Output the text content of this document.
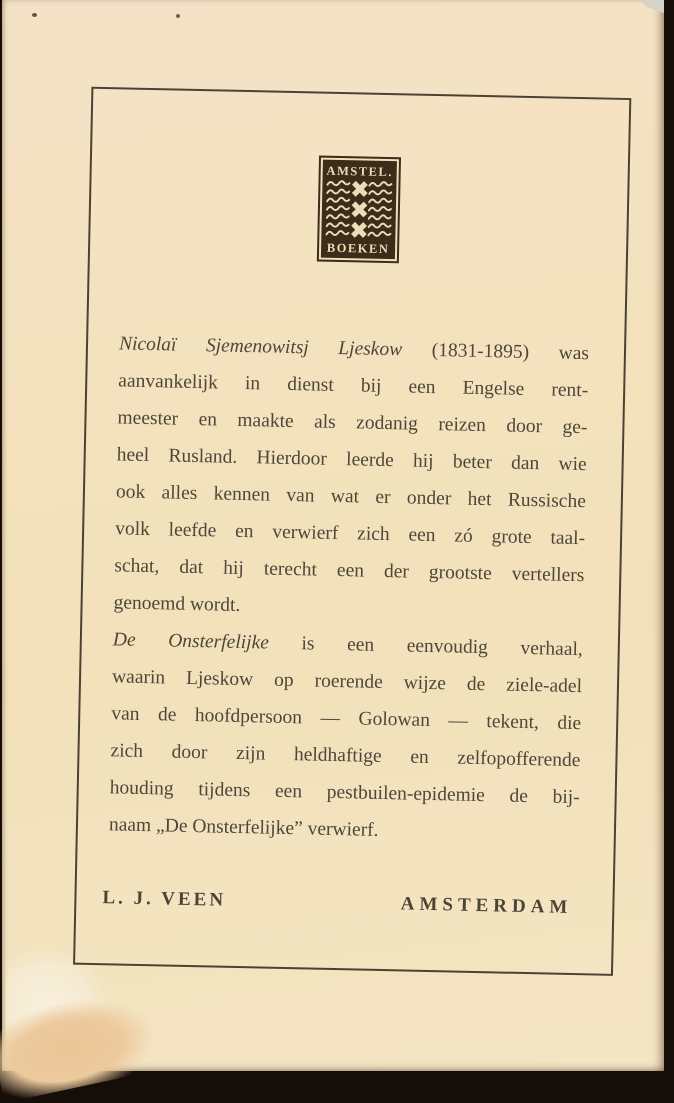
AMSTEL.
BOEKEN
Nicolaï Sjemenowitsj Ljeskow (1831-1895) was
aanvankelijk in dienst bij een Engelse rent-
meester en maakte als zodanig reizen door ge-
heel Rusland. Hierdoor leerde hij beter dan wie
ook alles kennen van wat er onder het Russische
volk leefde en verwierf zich een zó grote taal-
schat, dat hij terecht een der grootste vertellers
genoemd wordt.
De Onsterfelijke is een eenvoudig verhaal,
waarin Ljeskow op roerende wijze de ziele-adel
van de hoofdpersoon — Golowan — tekent, die
zich door zijn heldhaftige en zelfopofferende
houding tijdens een pestbuilen-epidemie de bij-
naam „De Onsterfelijke” verwierf.
L. J. VEEN	AMSTERDAM
